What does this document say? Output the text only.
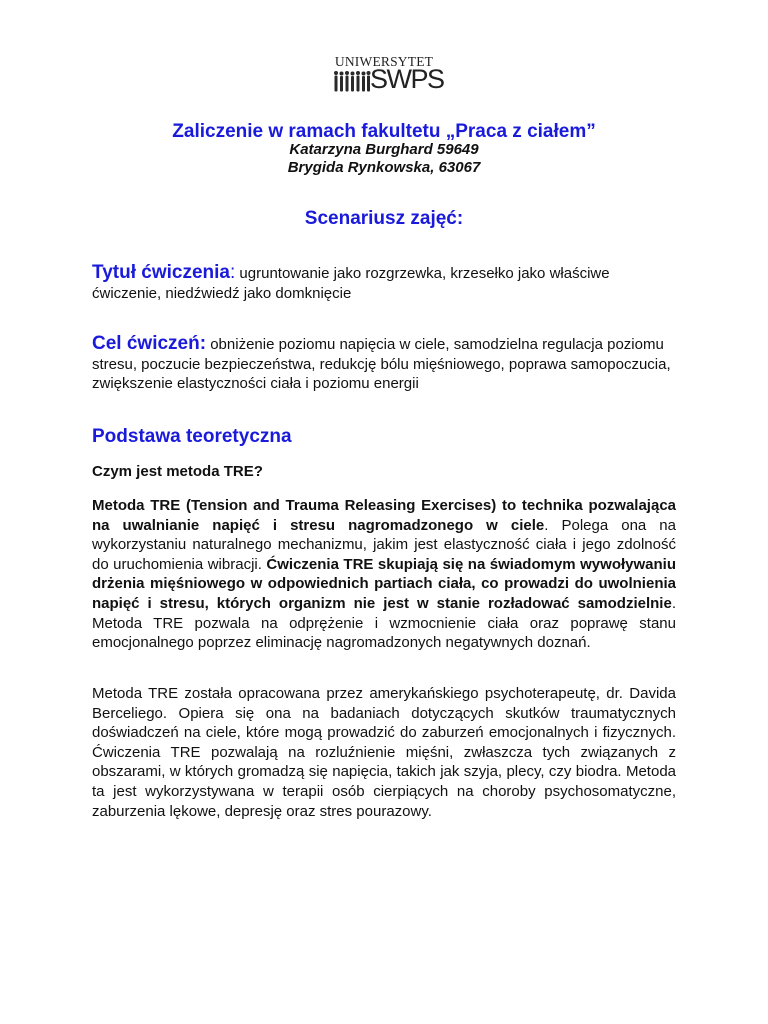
UNIWERSYTET
SWPS
Zaliczenie w ramach fakultetu „Praca z ciałem”
Katarzyna Burghard 59649
Brygida Rynkowska, 63067
Scenariusz zajęć:
Tytuł ćwiczenia: ugruntowanie jako rozgrzewka, krzesełko jako właściwe ćwiczenie, niedźwiedź jako domknięcie
Cel ćwiczeń: obniżenie poziomu napięcia w ciele, samodzielna regulacja poziomu stresu, poczucie bezpieczeństwa, redukcję bólu mięśniowego, poprawa samopoczucia, zwiększenie elastyczności ciała i poziomu energii
Podstawa teoretyczna
Czym jest metoda TRE?
Metoda TRE (Tension and Trauma Releasing Exercises) to technika pozwalająca na uwalnianie napięć i stresu nagromadzonego w ciele. Polega ona na wykorzystaniu naturalnego mechanizmu, jakim jest elastyczność ciała i jego zdolność do uruchomienia wibracji. Ćwiczenia TRE skupiają się na świadomym wywoływaniu drżenia mięśniowego w odpowiednich partiach ciała, co prowadzi do uwolnienia napięć i stresu, których organizm nie jest w stanie rozładować samodzielnie. Metoda TRE pozwala na odprężenie i wzmocnienie ciała oraz poprawę stanu emocjonalnego poprzez eliminację nagromadzonych negatywnych doznań.
Metoda TRE została opracowana przez amerykańskiego psychoterapeutę, dr. Davida Berceliego. Opiera się ona na badaniach dotyczących skutków traumatycznych doświadczeń na ciele, które mogą prowadzić do zaburzeń emocjonalnych i fizycznych. Ćwiczenia TRE pozwalają na rozluźnienie mięśni, zwłaszcza tych związanych z obszarami, w których gromadzą się napięcia, takich jak szyja, plecy, czy biodra. Metoda ta jest wykorzystywana w terapii osób cierpiących na choroby psychosomatyczne, zaburzenia lękowe, depresję oraz stres pourazowy.
